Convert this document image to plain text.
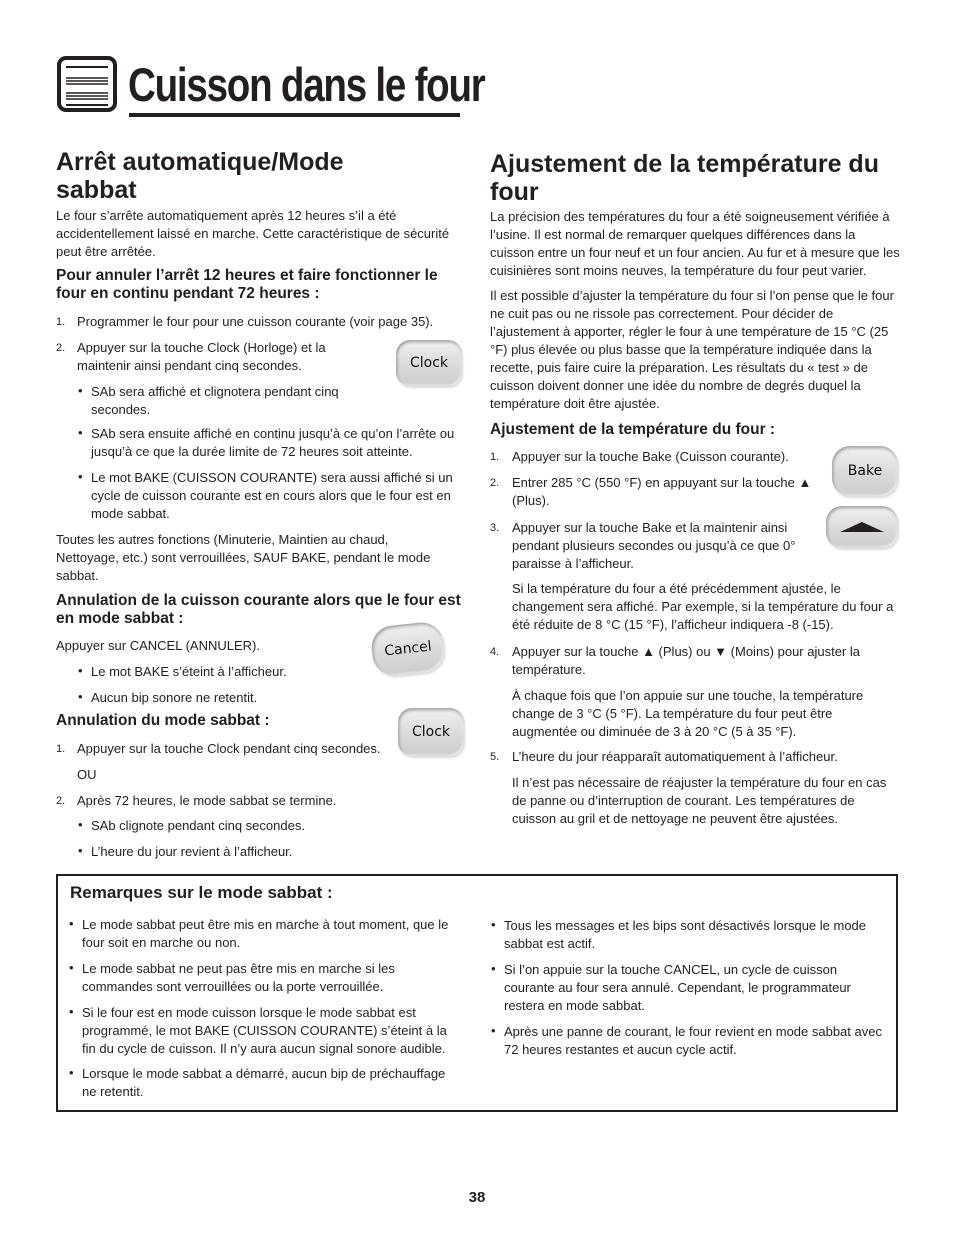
Cuisson dans le four
Arrêt automatique/Mode sabbat

Le four s’arrête automatiquement après 12 heures s’il a été accidentellement laissé en marche. Cette caractéristique de sécurité peut être arrêtée.

Pour annuler l’arrêt 12 heures et faire fonctionner le four en continu pendant 72 heures :

1. Programmer le four pour une cuisson courante (voir page 35).

2. Appuyer sur la touche Clock (Horloge) et la maintenir ainsi pendant cinq secondes.	Clock
• SAb sera affiché et clignotera pendant cinq secondes.

• SAb sera ensuite affiché en continu jusqu’à ce qu’on l’arrête ou jusqu’à ce que la durée limite de 72 heures soit atteinte.

• Le mot BAKE (CUISSON COURANTE) sera aussi affiché si un cycle de cuisson courante est en cours alors que le four est en mode sabbat.

Toutes les autres fonctions (Minuterie, Maintien au chaud, Nettoyage, etc.) sont verrouillées, SAUF BAKE, pendant le mode sabbat.

Annulation de la cuisson courante alors que le four est en mode sabbat :

Appuyer sur CANCEL (ANNULER).	Cancel
• Le mot BAKE s’éteint à l’afficheur.

• Aucun bip sonore ne retentit.

Annulation du mode sabbat :

Clock
1. Appuyer sur la touche Clock pendant cinq secondes.

OU

2. Après 72 heures, le mode sabbat se termine.

• SAb clignote pendant cinq secondes.

• L’heure du jour revient à l’afficheur.

Ajustement de la température du four

La précision des températures du four a été soigneusement vérifiée à l’usine. Il est normal de remarquer quelques différences dans la cuisson entre un four neuf et un four ancien. Au fur et à mesure que les cuisinières sont moins neuves, la température du four peut varier.

Il est possible d’ajuster la température du four si l’on pense que le four ne cuit pas ou ne rissole pas correctement. Pour décider de l’ajustement à apporter, régler le four à une température de 15 °C (25 °F) plus élevée ou plus basse que la température indiquée dans la recette, puis faire cuire la préparation. Les résultats du « test » de cuisson doivent donner une idée du nombre de degrés duquel la température doit être ajustée.

Ajustement de la température du four :

1. Appuyer sur la touche Bake (Cuisson courante).

Bake
2. Entrer 285 °C (550 °F) en appuyant sur la touche ▲ (Plus).

3. Appuyer sur la touche Bake et la maintenir ainsi pendant plusieurs secondes ou jusqu’à ce que 0° paraisse à l’afficheur.

Si la température du four a été précédemment ajustée, le changement sera affiché. Par exemple, si la température du four a été réduite de 8 °C (15 °F), l’afficheur indiquera -8 (-15).

4. Appuyer sur la touche ▲ (Plus) ou ▼ (Moins) pour ajuster la température.

À chaque fois que l’on appuie sur une touche, la température change de 3 °C (5 °F). La température du four peut être augmentée ou diminuée de 3 à 20 °C (5 à 35 °F).

5. L’heure du jour réapparaît automatiquement à l’afficheur.

Il n’est pas nécessaire de réajuster la température du four en cas de panne ou d’interruption de courant. Les températures de cuisson au gril et de nettoyage ne peuvent être ajustées.

Remarques sur le mode sabbat :

• Le mode sabbat peut être mis en marche à tout moment, que le four soit en marche ou non.

• Le mode sabbat ne peut pas être mis en marche si les commandes sont verrouillées ou la porte verrouillée.

• Si le four est en mode cuisson lorsque le mode sabbat est programmé, le mot BAKE (CUISSON COURANTE) s’éteint à la fin du cycle de cuisson. Il n’y aura aucun signal sonore audible.

• Lorsque le mode sabbat a démarré, aucun bip de préchauffage ne retentit.

• Tous les messages et les bips sont désactivés lorsque le mode sabbat est actif.

• Si l’on appuie sur la touche CANCEL, un cycle de cuisson courante au four sera annulé. Cependant, le programmateur restera en mode sabbat.

• Après une panne de courant, le four revient en mode sabbat avec 72 heures restantes et aucun cycle actif.

38
